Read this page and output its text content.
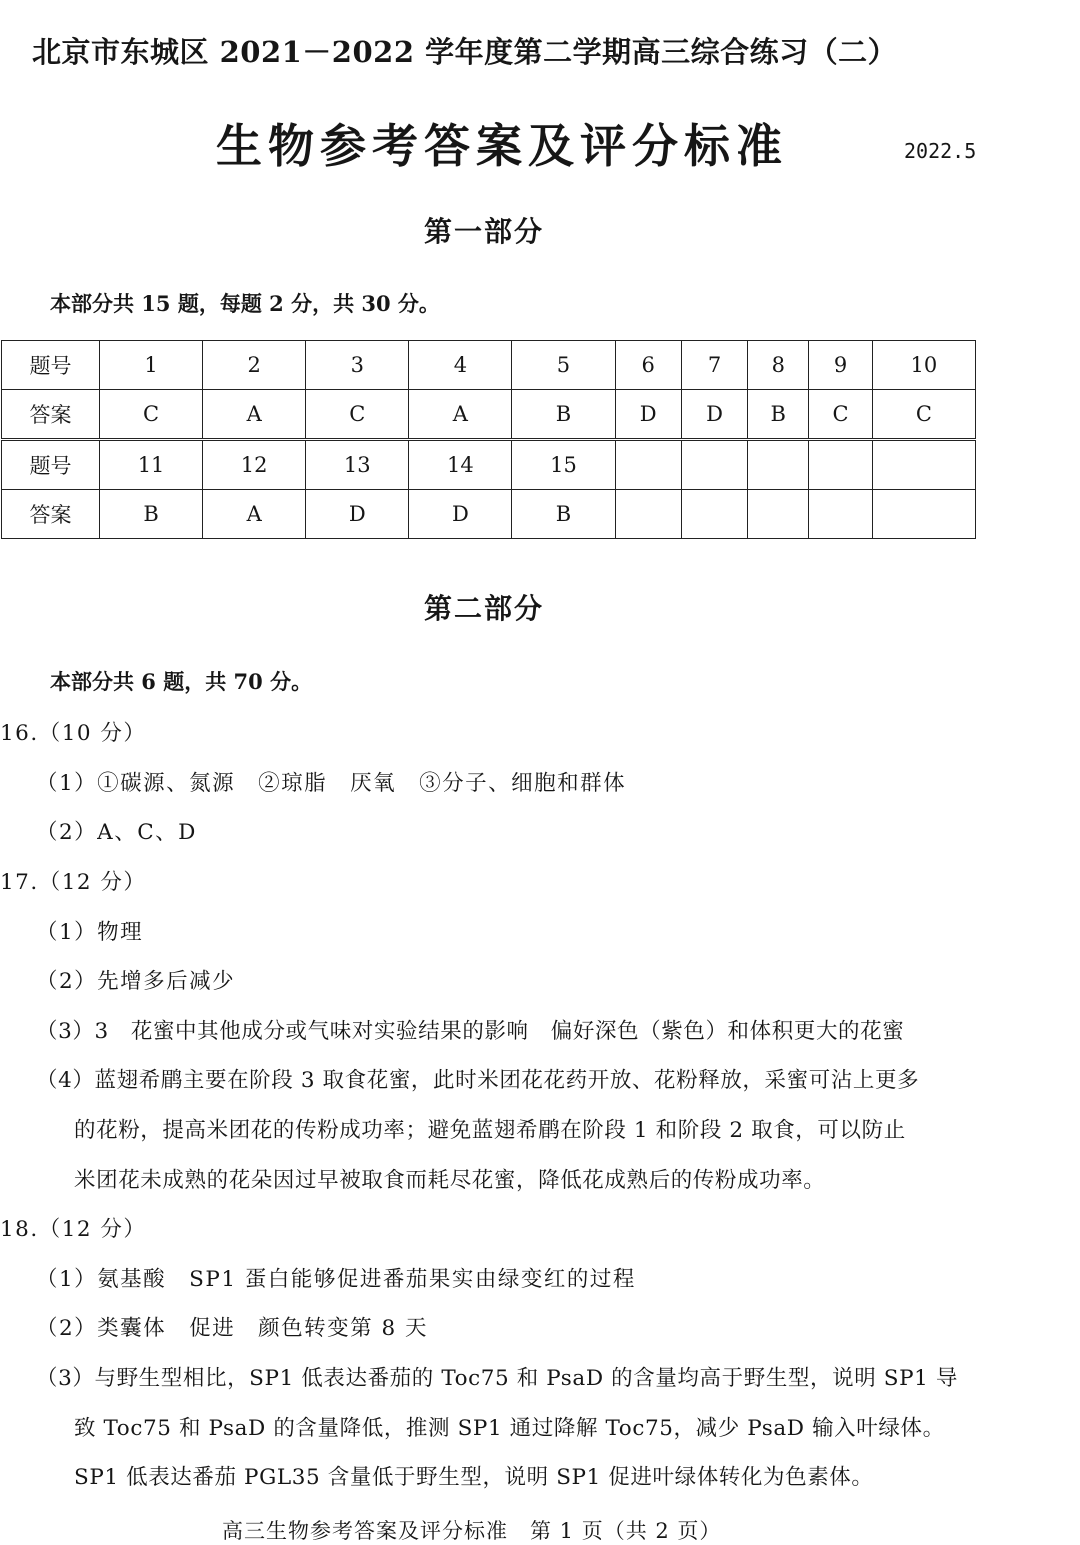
北京市东城区 2021－2022 学年度第二学期高三综合练习（二）
生物参考答案及评分标准	2022.5
第一部分
本部分共 15 题，每题 2 分，共 30 分。
题号	1	2	3	4	5	6	7	8	9	10
答案	C	A	C	A	B	D	D	B	C	C
题号	11	12	13	14	15					
答案	B	A	D	D	B					
第二部分
本部分共 6 题，共 70 分。
16.（10 分）
（1）①碳源、氮源　②琼脂　厌氧　③分子、细胞和群体
（2）A、C、D
17.（12 分）
（1）物理
（2）先增多后减少
（3）3　花蜜中其他成分或气味对实验结果的影响　偏好深色（紫色）和体积更大的花蜜
（4）蓝翅希鹛主要在阶段 3 取食花蜜，此时米团花花药开放、花粉释放，采蜜可沾上更多
的花粉，提高米团花的传粉成功率；避免蓝翅希鹛在阶段 1 和阶段 2 取食，可以防止
米团花未成熟的花朵因过早被取食而耗尽花蜜，降低花成熟后的传粉成功率。
18.（12 分）
（1）氨基酸　SP1 蛋白能够促进番茄果实由绿变红的过程
（2）类囊体　促进　颜色转变第 8 天
（3）与野生型相比，SP1 低表达番茄的 Toc75 和 PsaD 的含量均高于野生型，说明 SP1 导
致 Toc75 和 PsaD 的含量降低，推测 SP1 通过降解 Toc75，减少 PsaD 输入叶绿体。
SP1 低表达番茄 PGL35 含量低于野生型，说明 SP1 促进叶绿体转化为色素体。
高三生物参考答案及评分标准　第 1 页（共 2 页）
